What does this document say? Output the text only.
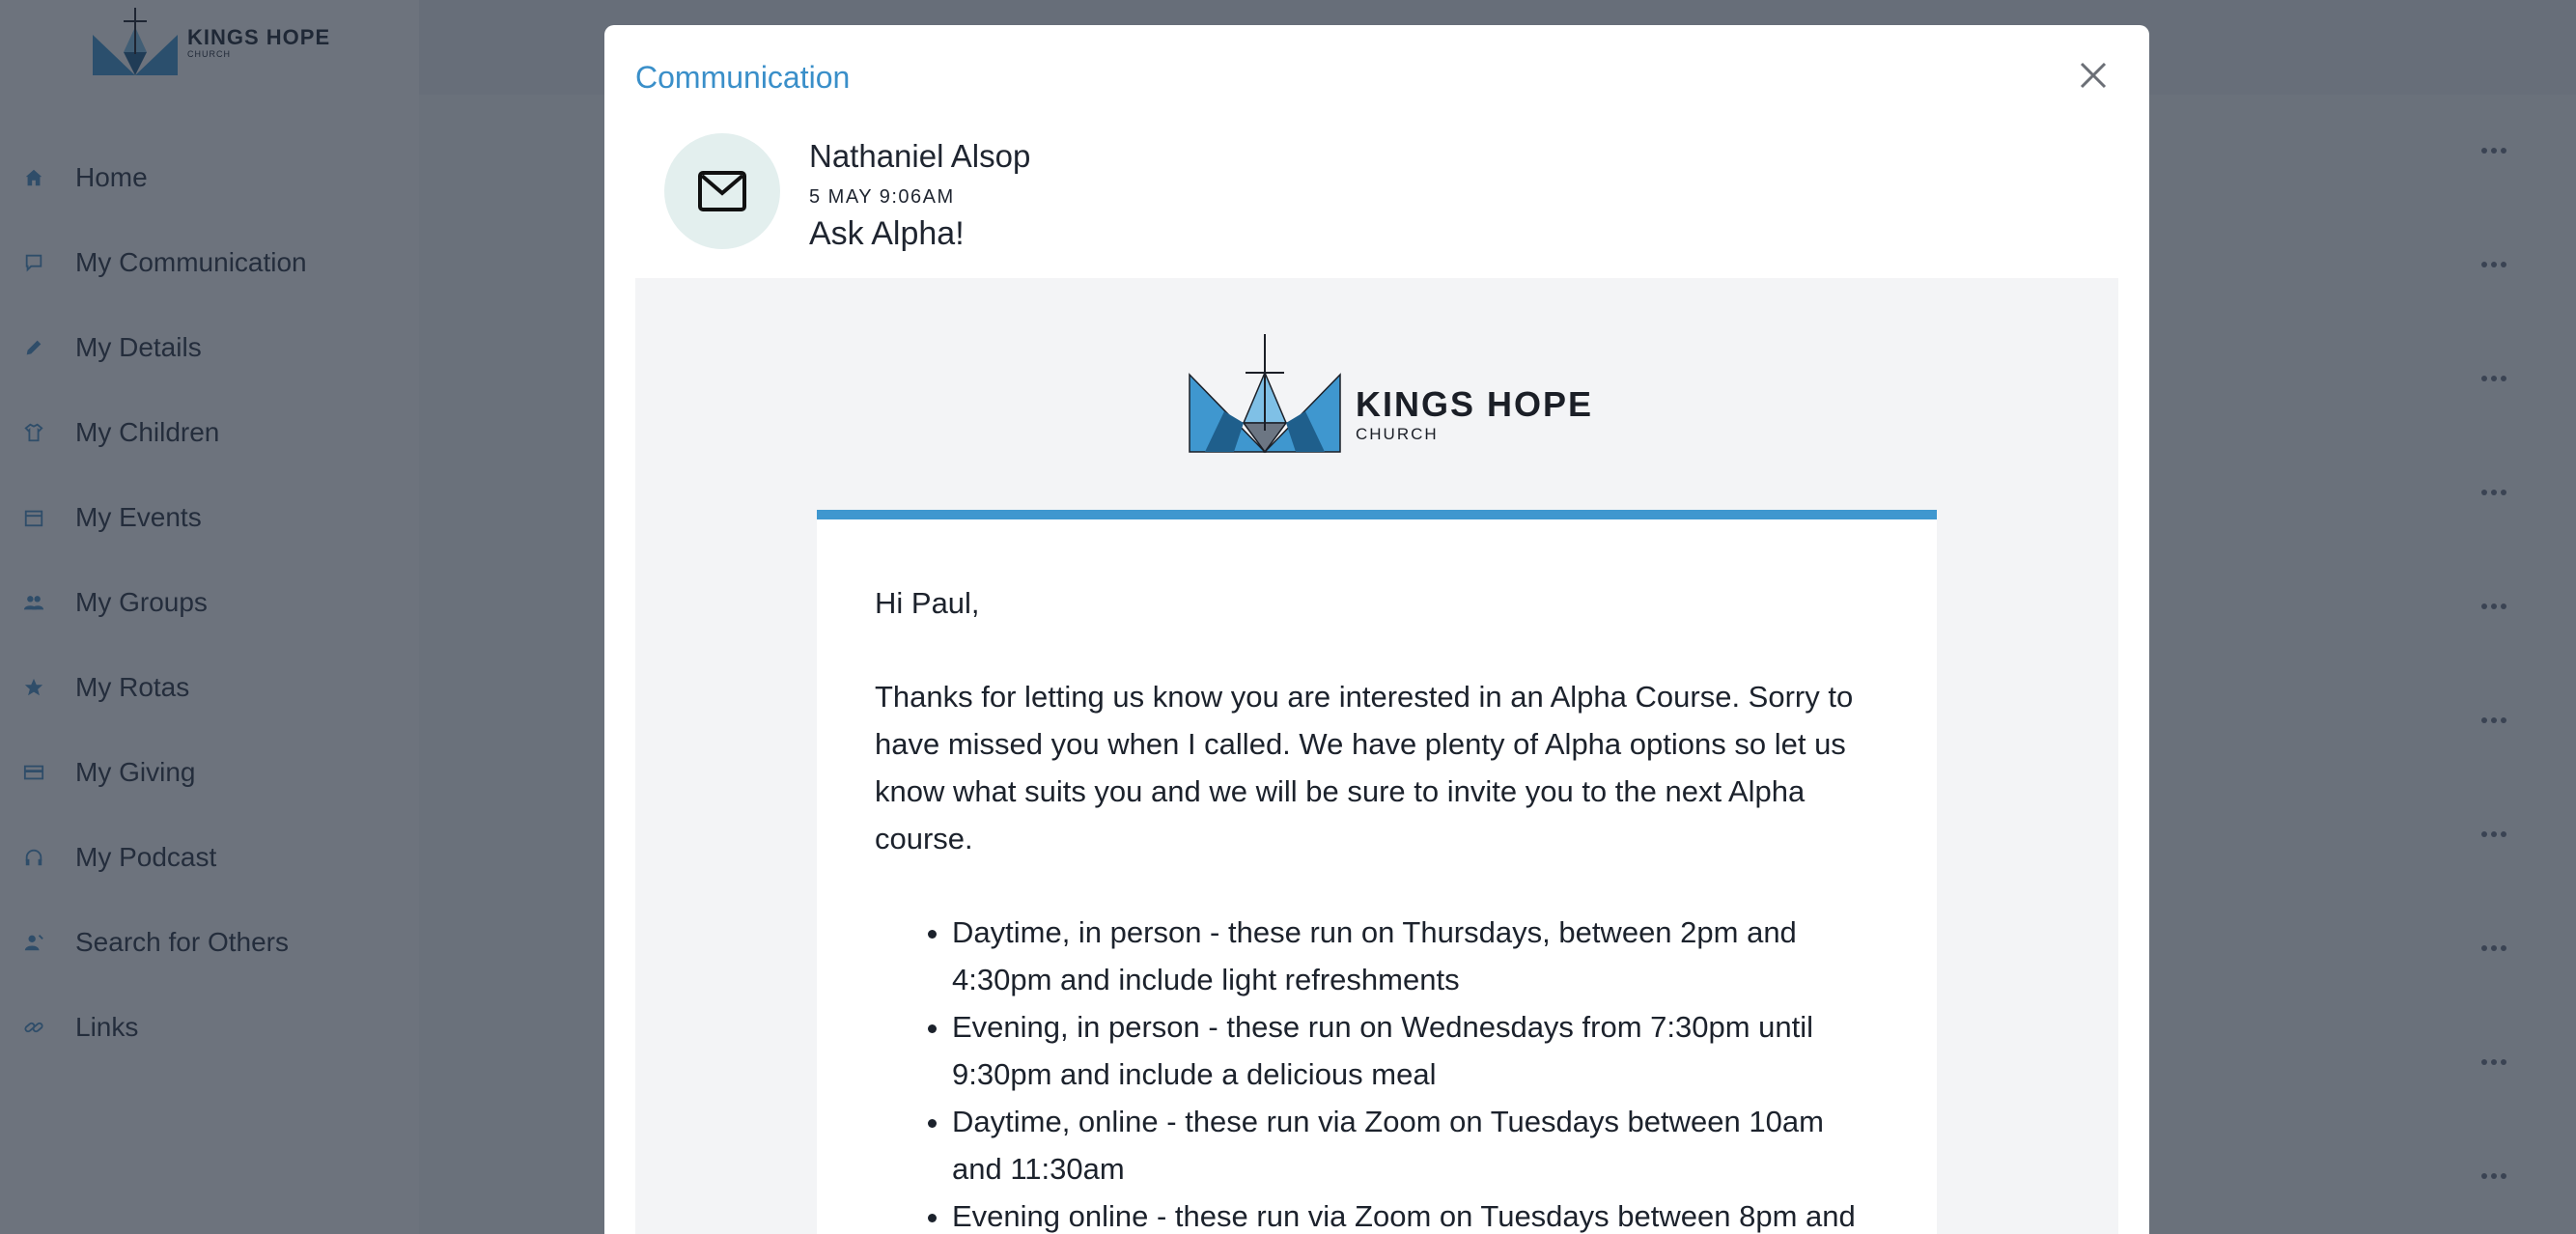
Communication
Nathaniel Alsop
5 MAY 9:06AM
Ask Alpha!
KINGS HOPE
CHURCH

Hi Paul,

Thanks for letting us know you are interested in an Alpha Course. Sorry to have missed you when I called. We have plenty of Alpha options so let us know what suits you and we will be sure to invite you to the next Alpha course.

• Daytime, in person - these run on Thursdays, between 2pm and 4:30pm and include light refreshments
• Evening, in person - these run on Wednesdays from 7:30pm until 9:30pm and include a delicious meal
• Daytime, online - these run via Zoom on Tuesdays between 10am and 11:30am
• Evening online - these run via Zoom on Tuesdays between 8pm and
